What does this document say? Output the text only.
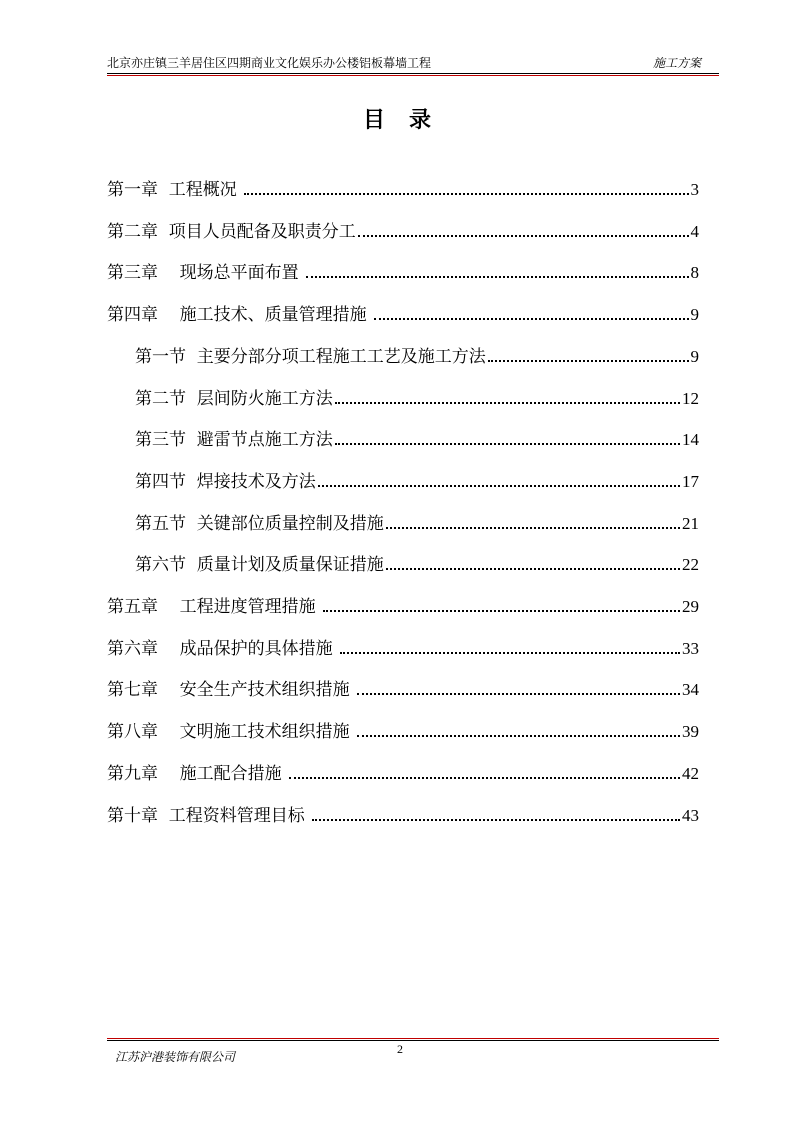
北京亦庄镇三羊居住区四期商业文化娱乐办公楼铝板幕墙工程	施工方案
目录
第一章  工程概况	3
第二章  项目人员配备及职责分工	4
第三章    现场总平面布置	8
第四章    施工技术、质量管理措施	9
第一节  主要分部分项工程施工工艺及施工方法	9
第二节  层间防火施工方法	12
第三节  避雷节点施工方法	14
第四节  焊接技术及方法	17
第五节  关键部位质量控制及措施	21
第六节  质量计划及质量保证措施	22
第五章    工程进度管理措施	29
第六章    成品保护的具体措施	33
第七章    安全生产技术组织措施	34
第八章    文明施工技术组织措施	39
第九章    施工配合措施	42
第十章  工程资料管理目标	43
2
江苏沪港装饰有限公司
